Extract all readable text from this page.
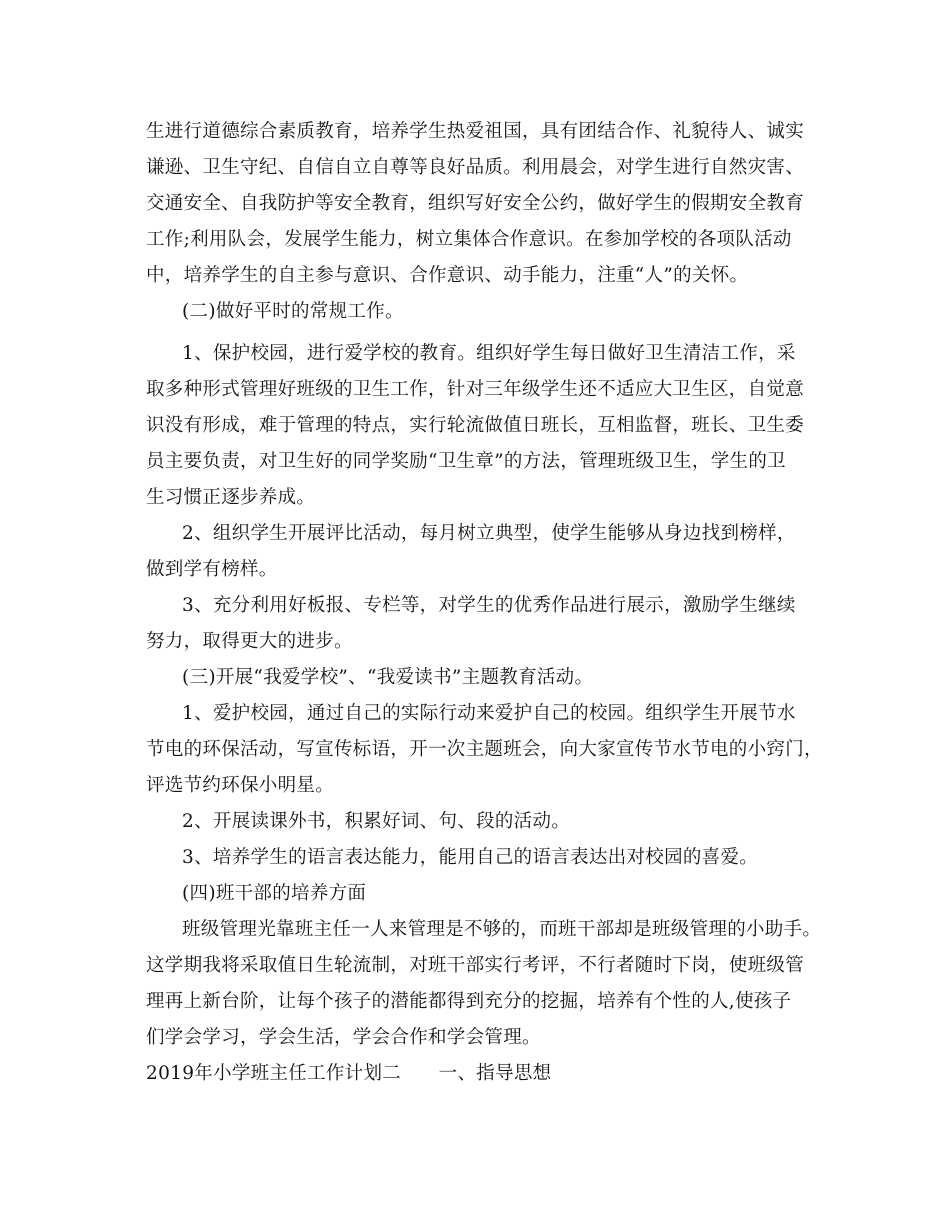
生进行道德综合素质教育，培养学生热爱祖国，具有团结合作、礼貌待人、诚实
谦逊、卫生守纪、自信自立自尊等良好品质。利用晨会，对学生进行自然灾害、
交通安全、自我防护等安全教育，组织写好安全公约，做好学生的假期安全教育
工作;利用队会，发展学生能力，树立集体合作意识。在参加学校的各项队活动
中，培养学生的自主参与意识、合作意识、动手能力，注重“人”的关怀。
(二)做好平时的常规工作。
1、保护校园，进行爱学校的教育。组织好学生每日做好卫生清洁工作，采
取多种形式管理好班级的卫生工作，针对三年级学生还不适应大卫生区，自觉意
识没有形成，难于管理的特点，实行轮流做值日班长，互相监督，班长、卫生委
员主要负责，对卫生好的同学奖励“卫生章”的方法，管理班级卫生，学生的卫
生习惯正逐步养成。
2、组织学生开展评比活动，每月树立典型，使学生能够从身边找到榜样，
做到学有榜样。
3、充分利用好板报、专栏等，对学生的优秀作品进行展示，激励学生继续
努力，取得更大的进步。
(三)开展“我爱学校”、“我爱读书”主题教育活动。
1、爱护校园，通过自己的实际行动来爱护自己的校园。组织学生开展节水
节电的环保活动，写宣传标语，开一次主题班会，向大家宣传节水节电的小窍门，
评选节约环保小明星。
2、开展读课外书，积累好词、句、段的活动。
3、培养学生的语言表达能力，能用自己的语言表达出对校园的喜爱。
(四)班干部的培养方面
班级管理光靠班主任一人来管理是不够的，而班干部却是班级管理的小助手。
这学期我将采取值日生轮流制，对班干部实行考评，不行者随时下岗，使班级管
理再上新台阶，让每个孩子的潜能都得到充分的挖掘，培养有个性的人,使孩子
们学会学习，学会生活，学会合作和学会管理。
2019年小学班主任工作计划二　　一、指导思想
